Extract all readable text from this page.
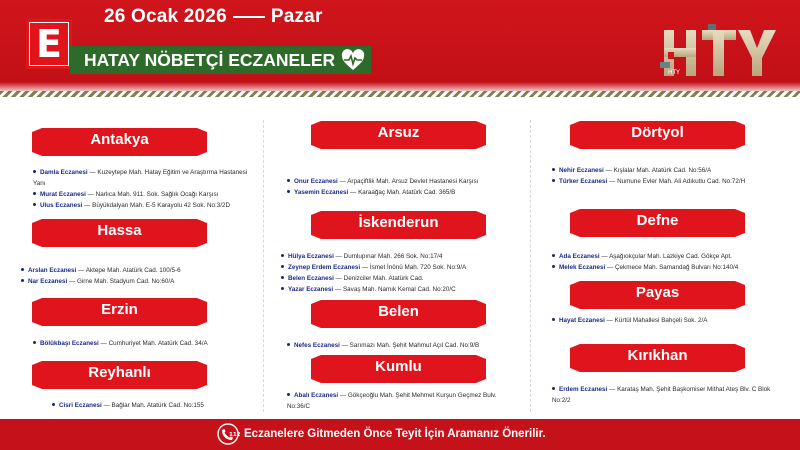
E
26 Ocak 2026 Pazar
HATAY NÖBETÇİ ECZANELER
HTY
Antakya
Damla Eczanesi — Kuzeytepe Mah. Hatay Eğitim ve Araştırma Hastanesi Yanı
Murat Eczanesi — Narlıca Mah. 911. Sok. Sağlık Ocağı Karşısı
Ulus Eczanesi — Büyükdalyan Mah. E-5 Karayolu 42 Sok. No:3/2D
Hassa
Arslan Eczanesi — Aktepe Mah. Atatürk Cad. 100/5-6
Nar Eczanesi — Girne Mah. Stadyum Cad. No:60/A
Erzin
Bölükbaşı Eczanesi — Cumhuriyet Mah. Atatürk Cad. 34/A
Reyhanlı
Cisri Eczanesi — Bağlar Mah. Atatürk Cad. No:155
Arsuz
Onur Eczanesi — Arpaçiftlik Mah. Arsuz Devlet Hastanesi Karşısı
Yasemin Eczanesi — Karaağaç Mah. Atatürk Cad. 365/B
İskenderun
Hülya Eczanesi — Dumlupınar Mah. 266 Sok. No:17/4
Zeynep Erdem Eczanesi — İsmet İnönü Mah. 720 Sok. No:9/A
Belen Eczanesi — Denizciler Mah. Atatürk Cad.
Yazar Eczanesi — Savaş Mah. Namık Kemal Cad. No:20/C
Belen
Nefes Eczanesi — Sarımazı Mah. Şehit Mahmut Açıl Cad. No:9/B
Kumlu
Abalı Eczanesi — Gökçeoğlu Mah. Şehit Mehmet Kurşun Geçmez Bulv. No:36/C
Dörtyol
Nehir Eczanesi — Kışlalar Mah. Atatürk Cad. No:56/A
Türker Eczanesi — Numune Evler Mah. Ali Adıkutlu Cad. No:72/H
Defne
Ada Eczanesi — Aşağıokçular Mah. Lazkiye Cad. Gökçe Apt.
Melek Eczanesi — Çekmece Mah. Samandağ Bulvarı No:140/4
Payas
Hayat Eczanesi — Kürtül Mahallesi Bahçeli Sok. 2/A
Kırıkhan
Erdem Eczanesi — Karataş Mah. Şehit Başkomiser Mithat Ateş Blv. C Blok No:2/2
112 Eczanelere Gitmeden Önce Teyit İçin Aramanız Önerilir.
